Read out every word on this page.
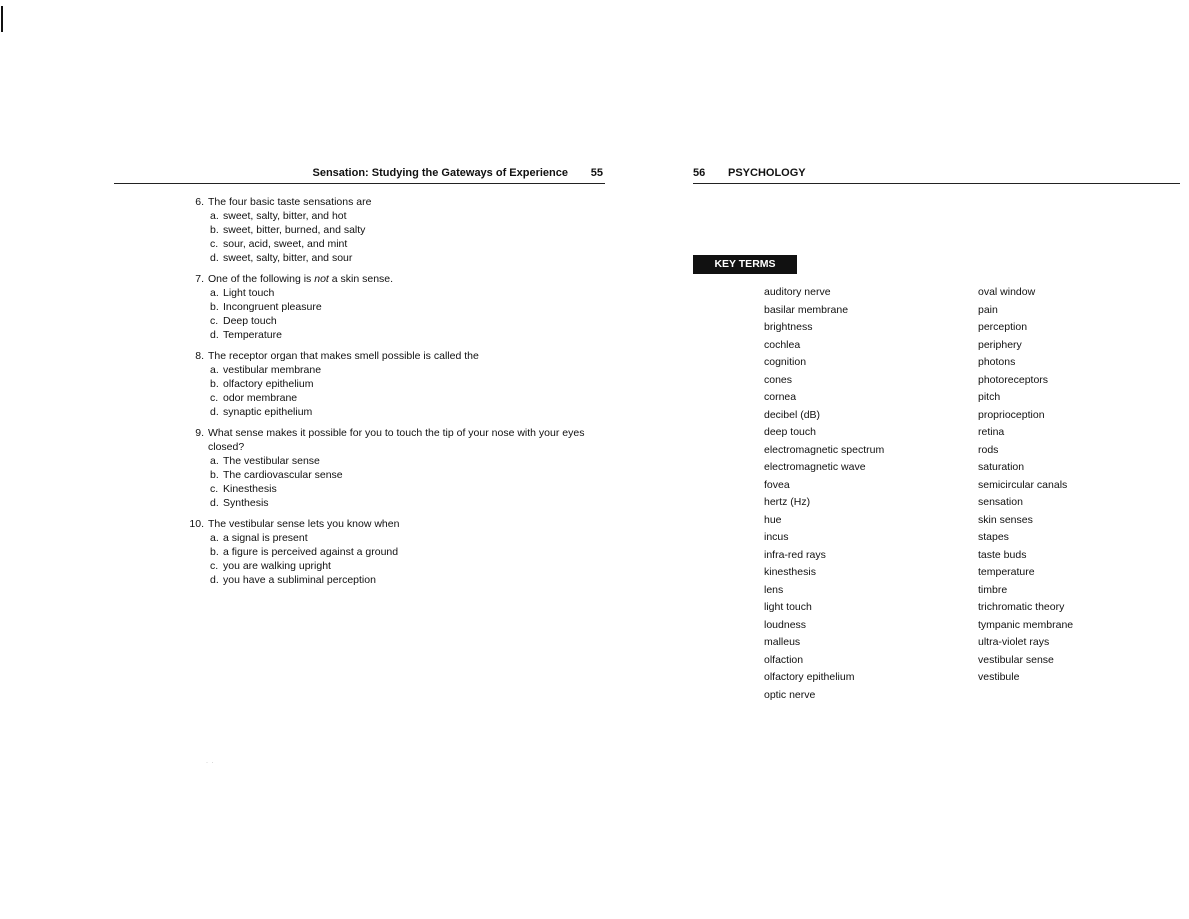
Sensation: Studying the Gateways of Experience 55
6. The four basic taste sensations are
a. sweet, salty, bitter, and hot
b. sweet, bitter, burned, and salty
c. sour, acid, sweet, and mint
d. sweet, salty, bitter, and sour
7. One of the following is not a skin sense.
a. Light touch
b. Incongruent pleasure
c. Deep touch
d. Temperature
8. The receptor organ that makes smell possible is called the
a. vestibular membrane
b. olfactory epithelium
c. odor membrane
d. synaptic epithelium
9. What sense makes it possible for you to touch the tip of your nose with your eyes closed?
a. The vestibular sense
b. The cardiovascular sense
c. Kinesthesis
d. Synthesis
10. The vestibular sense lets you know when
a. a signal is present
b. a figure is perceived against a ground
c. you are walking upright
d. you have a subliminal perception
·  ·
56 PSYCHOLOGY
KEY TERMS
auditory nerve
basilar membrane
brightness
cochlea
cognition
cones
cornea
decibel (dB)
deep touch
electromagnetic spectrum
electromagnetic wave
fovea
hertz (Hz)
hue
incus
infra-red rays
kinesthesis
lens
light touch
loudness
malleus
olfaction
olfactory epithelium
optic nerve
oval window
pain
perception
periphery
photons
photoreceptors
pitch
proprioception
retina
rods
saturation
semicircular canals
sensation
skin senses
stapes
taste buds
temperature
timbre
trichromatic theory
tympanic membrane
ultra-violet rays
vestibular sense
vestibule
